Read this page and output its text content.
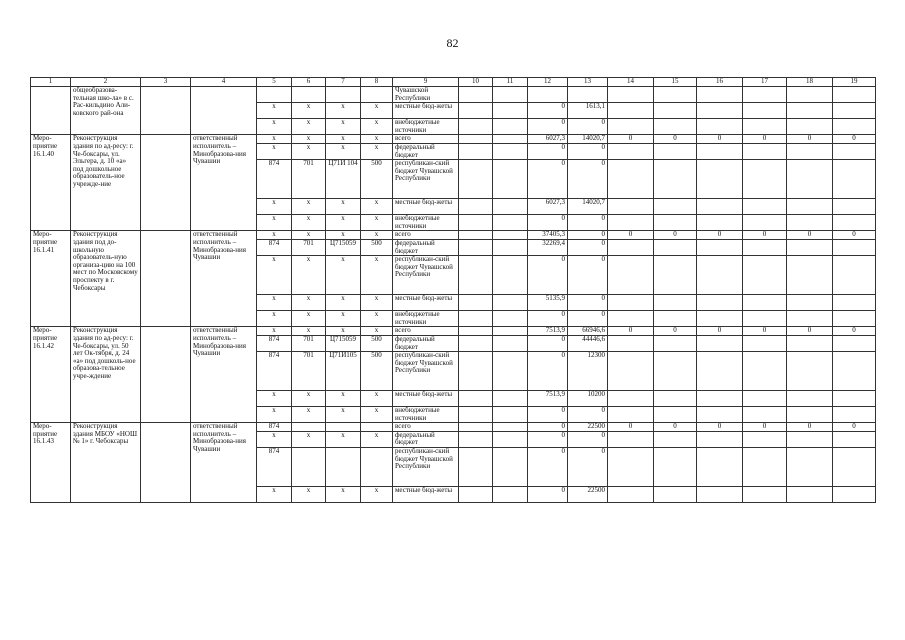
82
1	2	3	4	5	6	7	8	9	10	11	12	13	14	15	16	17	18	19
	общеобразова-тельная шко-ла» в с. Рас-кильдино Али-ковского рай-она							Чувашской Республики										
				x	x	x	x	местные бюд-жеты			0	1613,1						
				x	x	x	x	внебюджетные источники			0	0						
Меро-приятие 16.1.40	Реконструкция здания по ад-ресу: г. Че-боксары, ул. Эльгера, д. 10 «а» под дошкольное образователь-ное учрежде-ние		ответственный исполнитель – Минобразова-ния Чувашии	x	x	x	x	всего			6027,3	14020,7	0	0	0	0	0	0
				x	x	x	x	федеральный бюджет			0	0						
				874	701	Ц71И 104	500	республикан-ский бюджет Чувашской Республики			0	0						
				x	x	x	x	местные бюд-жеты			6027,3	14020,7						
				x	x	x	x	внебюджетные источники			0	0						
Меро-приятие 16.1.41	Реконструкция здания под до-школьную образователь-ную организа-цию на 100 мест по Московскому проспекту в г. Чебоксары		ответственный исполнитель – Минобразова-ния Чувашии	x	x	x	x	всего			37405,3	0	0	0	0	0	0	0
				874	701	Ц715059	500	федеральный бюджет			32269,4	0						
				x	x	x	x	республикан-ский бюджет Чувашской Республики			0	0						
				x	x	x	x	местные бюд-жеты			5135,9	0						
				x	x	x	x	внебюджетные источники			0	0						
Меро-приятие 16.1.42	Реконструкция здания по ад-ресу: г. Че-боксары, ул. 50 лет Ок-тября, д. 24 «а» под дошколь-ное образова-тельное учре-ждение		ответственный исполнитель – Минобразова-ния Чувашии	x	x	x	x	всего			7513,9	66946,6	0	0	0	0	0	0
				874	701	Ц715059	500	федеральный бюджет			0	44446,6						
				874	701	Ц71И105	500	республикан-ский бюджет Чувашской Республики			0	12300						
				x	x	x	x	местные бюд-жеты			7513,9	10200						
				x	x	x	x	внебюджетные источники			0	0						
Меро-приятие 16.1.43	Реконструкция здания МБОУ «НОШ № 1» г. Чебоксары		ответственный исполнитель – Минобразова-ния Чувашии	874				всего			0	22500	0	0	0	0	0	0
				x	x	x	x	федеральный бюджет			0	0						
				874				республикан-ский бюджет Чувашской Республики			0	0						
				x	x	x	x	местные бюд-жеты			0	22500						
